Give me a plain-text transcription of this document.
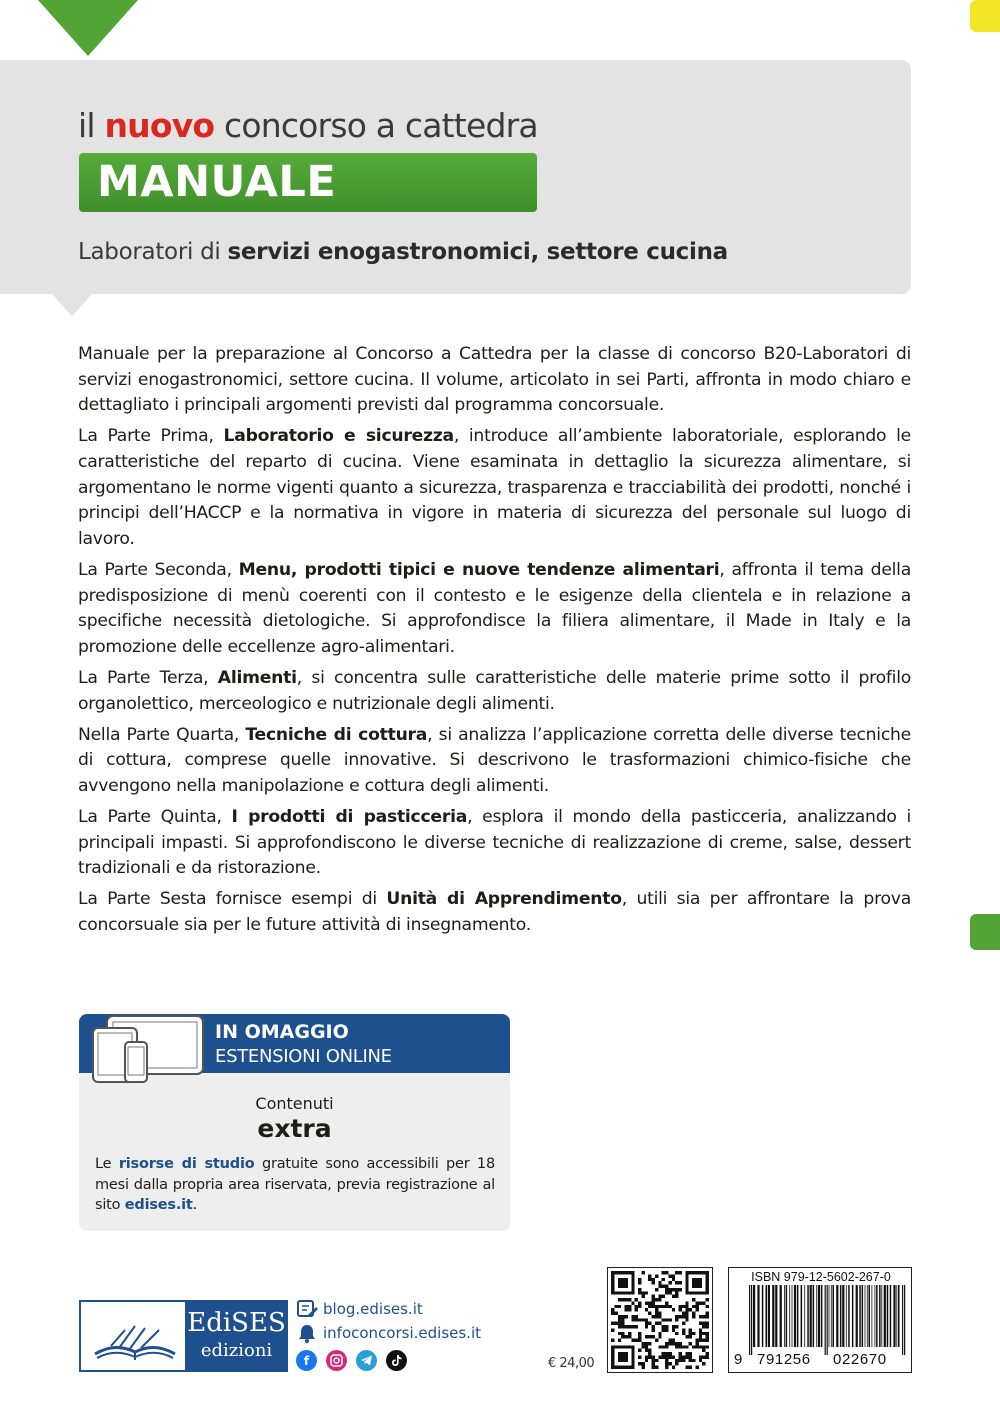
il nuovo concorso a cattedra
MANUALE
Laboratori di servizi enogastronomici, settore cucina

Manuale per la preparazione al Concorso a Cattedra per la classe di concorso B20-Laboratori di servizi enogastronomici, settore cucina. Il volume, articolato in sei Parti, affronta in modo chiaro e dettagliato i principali argomenti previsti dal programma concorsuale.

La Parte Prima, Laboratorio e sicurezza, introduce all’ambiente laboratoriale, esplorando le caratteristiche del reparto di cucina. Viene esaminata in dettaglio la sicurezza alimentare, si argomentano le norme vigenti quanto a sicurezza, trasparenza e tracciabilità dei prodotti, nonché i principi dell’HACCP e la normativa in vigore in materia di sicurezza del personale sul luogo di lavoro.

La Parte Seconda, Menu, prodotti tipici e nuove tendenze alimentari, affronta il tema della predisposizione di menù coerenti con il contesto e le esigenze della clientela e in relazione a specifiche necessità dietologiche. Si approfondisce la filiera alimentare, il Made in Italy e la promozione delle eccellenze agro-alimentari.

La Parte Terza, Alimenti, si concentra sulle caratteristiche delle materie prime sotto il profilo organolettico, merceologico e nutrizionale degli alimenti.

Nella Parte Quarta, Tecniche di cottura, si analizza l’applicazione corretta delle diverse tecniche di cottura, comprese quelle innovative. Si descrivono le trasformazioni chimico-fisiche che avvengono nella manipolazione e cottura degli alimenti.

La Parte Quinta, I prodotti di pasticceria, esplora il mondo della pasticceria, analizzando i principali impasti. Si approfondiscono le diverse tecniche di realizzazione di creme, salse, dessert tradizionali e da ristorazione.

La Parte Sesta fornisce esempi di Unità di Apprendimento, utili sia per affrontare la prova concorsuale sia per le future attività di insegnamento.

IN OMAGGIO
ESTENSIONI ONLINE
Contenuti
extra
Le risorse di studio gratuite sono accessibili per 18 mesi dalla propria area riservata, previa registrazione al sito edises.it.
EdiSES
edizioni
blog.edises.it
infoconcorsi.edises.it
f	€ 24,00
ISBN 979-12-5602-267-0
9 791256 022670
